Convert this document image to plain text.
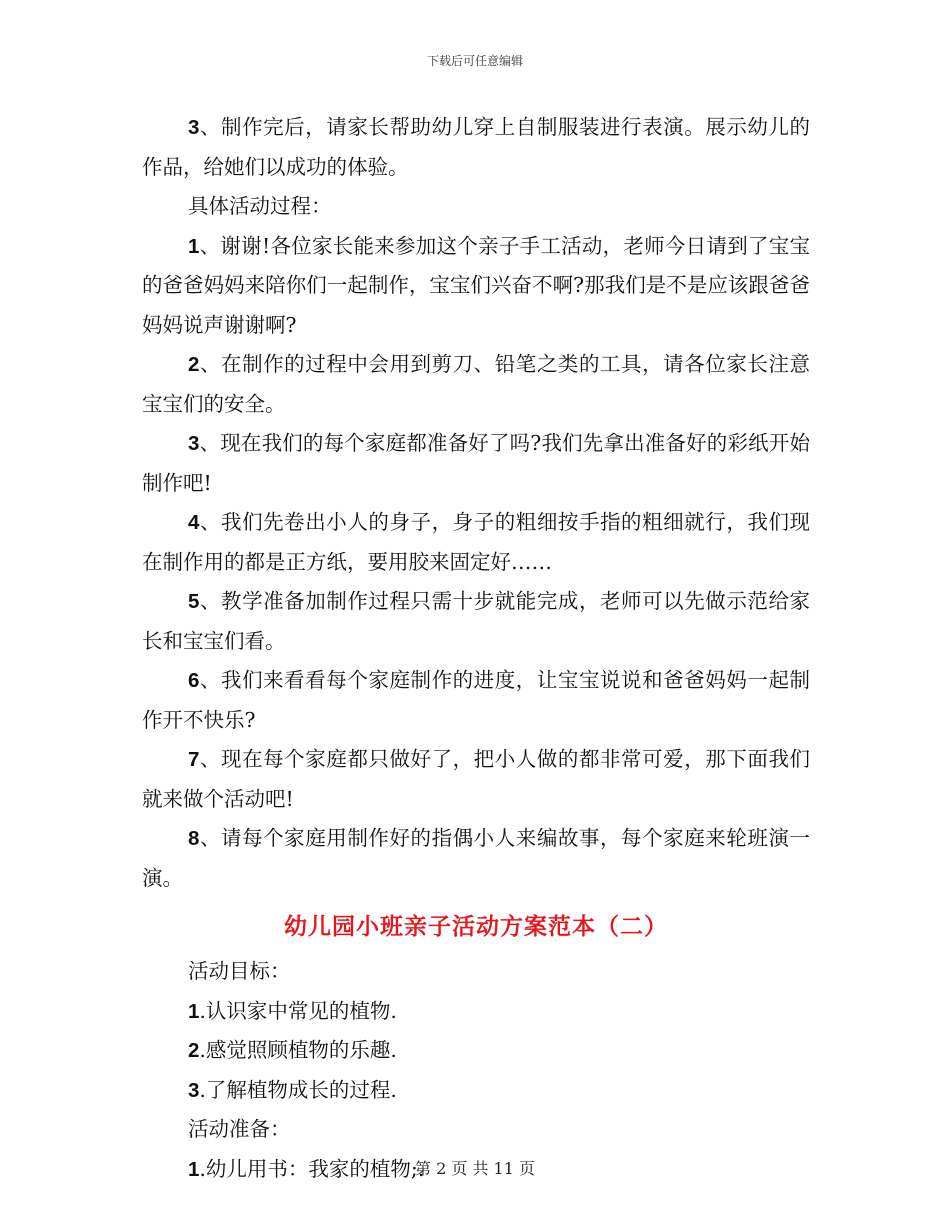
下载后可任意编辑

3、制作完后，请家长帮助幼儿穿上自制服装进行表演。展示幼儿的作品，给她们以成功的体验。

具体活动过程：

1、谢谢!各位家长能来参加这个亲子手工活动，老师今日请到了宝宝的爸爸妈妈来陪你们一起制作，宝宝们兴奋不啊?那我们是不是应该跟爸爸妈妈说声谢谢啊?

2、在制作的过程中会用到剪刀、铅笔之类的工具，请各位家长注意宝宝们的安全。

3、现在我们的每个家庭都准备好了吗?我们先拿出准备好的彩纸开始制作吧!

4、我们先卷出小人的身子，身子的粗细按手指的粗细就行，我们现在制作用的都是正方纸，要用胶来固定好……

5、教学准备加制作过程只需十步就能完成，老师可以先做示范给家长和宝宝们看。

6、我们来看看每个家庭制作的进度，让宝宝说说和爸爸妈妈一起制作开不快乐?

7、现在每个家庭都只做好了，把小人做的都非常可爱，那下面我们就来做个活动吧!

8、请每个家庭用制作好的指偶小人来编故事，每个家庭来轮班演一演。

幼儿园小班亲子活动方案范本（二）

活动目标：

1.认识家中常见的植物.

2.感觉照顾植物的乐趣.

3.了解植物成长的过程.

活动准备：

1.幼儿用书：我家的植物;.

第 2 页 共 11 页
